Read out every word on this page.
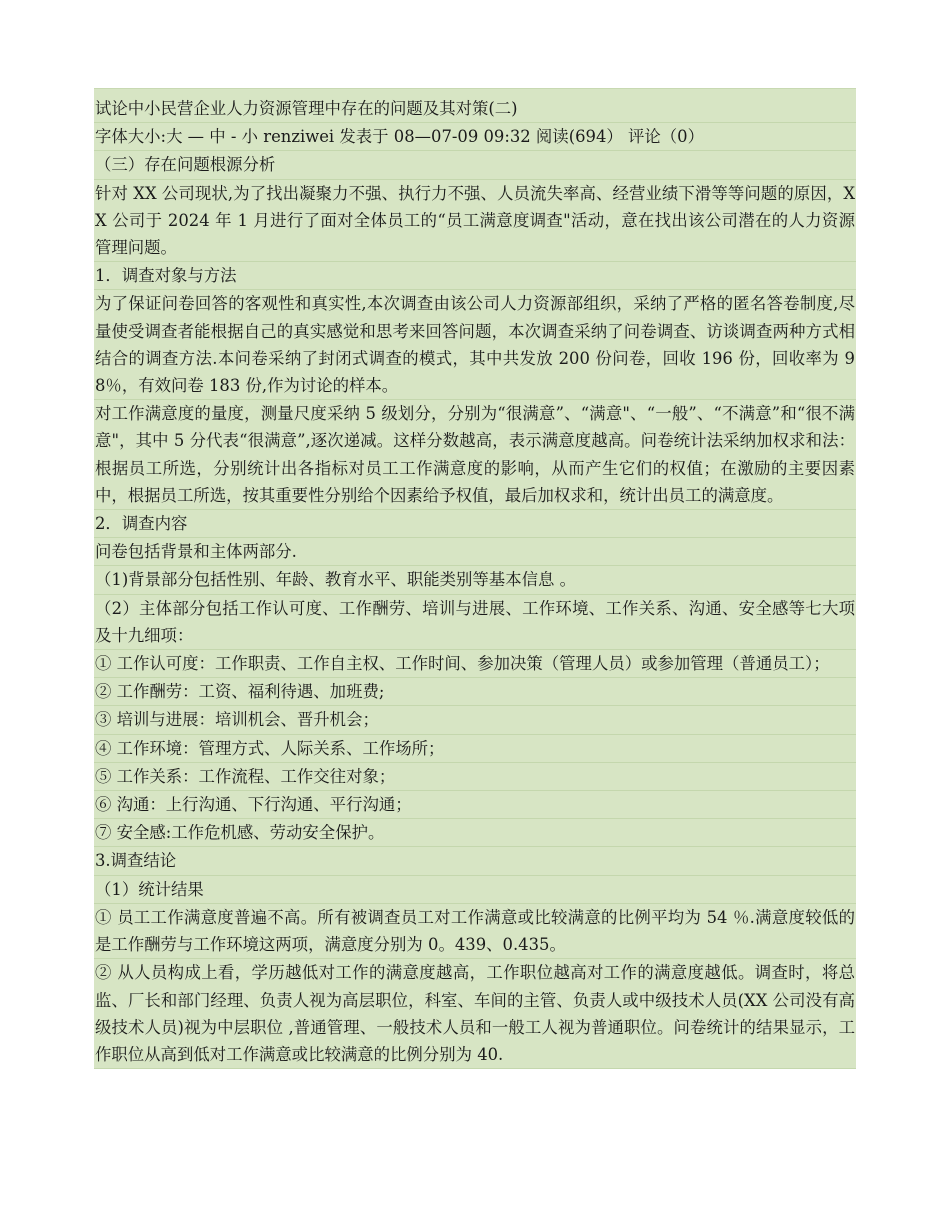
试论中小民营企业人力资源管理中存在的问题及其对策(二)
字体大小:大 — 中 - 小 renziwei 发表于 08—07-09 09:32 阅读(694） 评论（0）
（三）存在问题根源分析
针对 XX 公司现状,为了找出凝聚力不强、执行力不强、人员流失率高、经营业绩下滑等等问题的原因，XX 公司于 2024 年 1 月进行了面对全体员工的“员工满意度调查"活动，意在找出该公司潜在的人力资源管理问题。
1．调查对象与方法
为了保证问卷回答的客观性和真实性,本次调查由该公司人力资源部组织，采纳了严格的匿名答卷制度,尽量使受调查者能根据自己的真实感觉和思考来回答问题，本次调查采纳了问卷调查、访谈调查两种方式相结合的调查方法.本问卷采纳了封闭式调查的模式，其中共发放 200 份问卷，回收 196 份，回收率为 98％，有效问卷 183 份,作为讨论的样本。
对工作满意度的量度，测量尺度采纳 5 级划分，分别为“很满意”、“满意"、“一般”、“不满意”和“很不满意"，其中 5 分代表“很满意”,逐次递减。这样分数越高，表示满意度越高。问卷统计法采纳加权求和法：根据员工所选，分别统计出各指标对员工工作满意度的影响，从而产生它们的权值；在激励的主要因素中，根据员工所选，按其重要性分别给个因素给予权值，最后加权求和，统计出员工的满意度。
2．调查内容
问卷包括背景和主体两部分.
（1)背景部分包括性别、年龄、教育水平、职能类别等基本信息 。
（2）主体部分包括工作认可度、工作酬劳、培训与进展、工作环境、工作关系、沟通、安全感等七大项及十九细项：
① 工作认可度：工作职责、工作自主权、工作时间、参加决策（管理人员）或参加管理（普通员工）；
② 工作酬劳：工资、福利待遇、加班费;
③ 培训与进展：培训机会、晋升机会；
④ 工作环境：管理方式、人际关系、工作场所；
⑤ 工作关系：工作流程、工作交往对象；
⑥ 沟通：上行沟通、下行沟通、平行沟通；
⑦ 安全感:工作危机感、劳动安全保护。
3.调查结论
（1）统计结果
① 员工工作满意度普遍不高。所有被调查员工对工作满意或比较满意的比例平均为 54 ％.满意度较低的是工作酬劳与工作环境这两项，满意度分别为 0。439、0.435。
② 从人员构成上看，学历越低对工作的满意度越高，工作职位越高对工作的满意度越低。调查时，将总监、厂长和部门经理、负责人视为高层职位，科室、车间的主管、负责人或中级技术人员(XX 公司没有高级技术人员)视为中层职位 ,普通管理、一般技术人员和一般工人视为普通职位。问卷统计的结果显示，工作职位从高到低对工作满意或比较满意的比例分别为 40.
